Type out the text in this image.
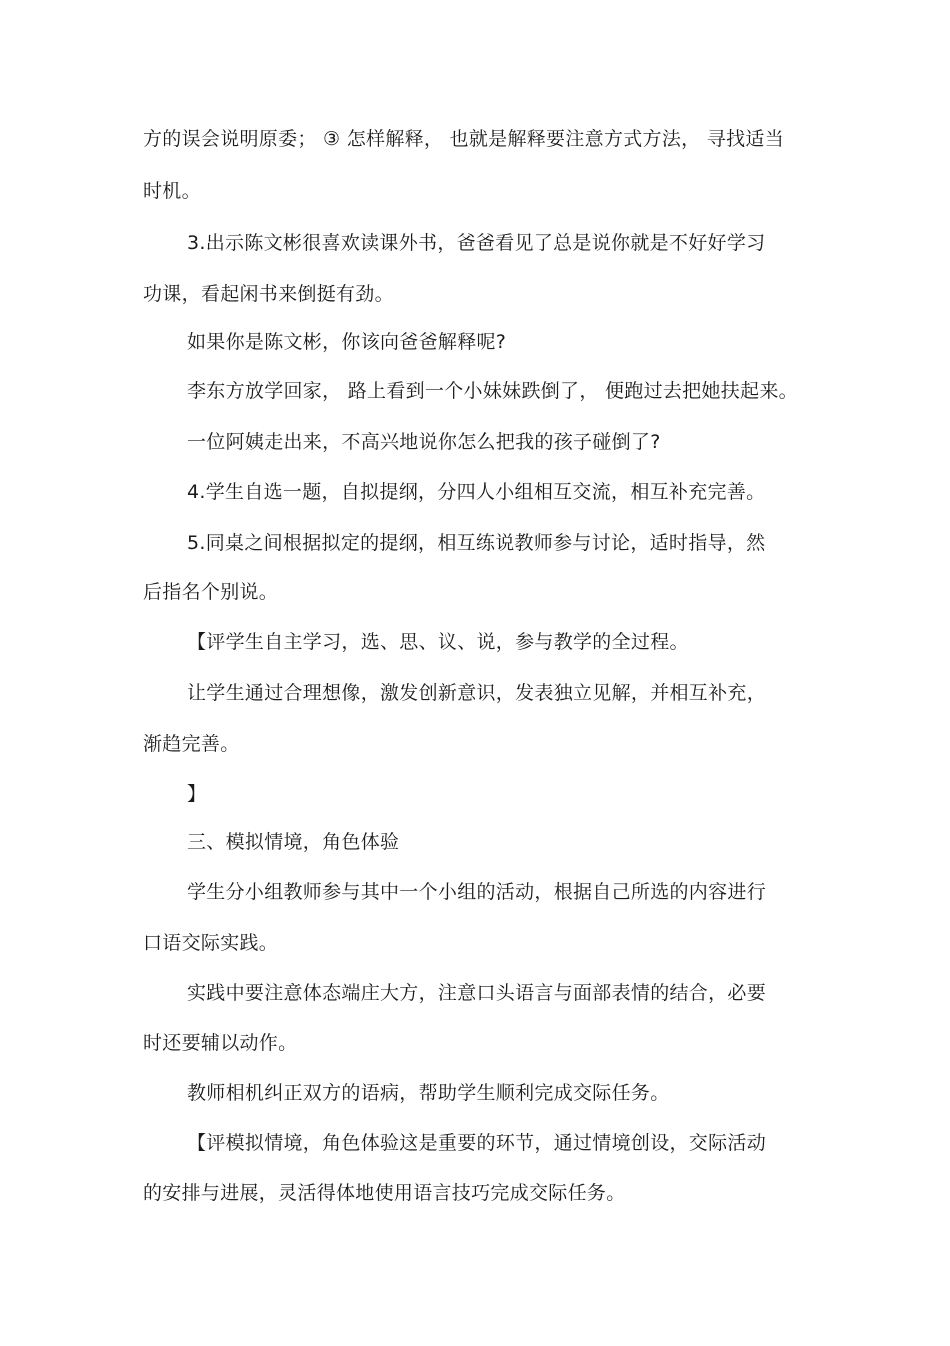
方的误会说明原委； ③ 怎样解释， 也就是解释要注意方式方法， 寻找适当
时机。
3.出示陈文彬很喜欢读课外书，爸爸看见了总是说你就是不好好学习
功课，看起闲书来倒挺有劲。
如果你是陈文彬，你该向爸爸解释呢?
李东方放学回家， 路上看到一个小妹妹跌倒了， 便跑过去把她扶起来。
一位阿姨走出来，不高兴地说你怎么把我的孩子碰倒了?
4.学生自选一题，自拟提纲，分四人小组相互交流，相互补充完善。
5.同桌之间根据拟定的提纲，相互练说教师参与讨论，适时指导，然
后指名个别说。
【评学生自主学习，选、思、议、说，参与教学的全过程。
让学生通过合理想像，激发创新意识，发表独立见解，并相互补充，
渐趋完善。
】
三、模拟情境，角色体验
学生分小组教师参与其中一个小组的活动，根据自己所选的内容进行
口语交际实践。
实践中要注意体态端庄大方，注意口头语言与面部表情的结合，必要
时还要辅以动作。
教师相机纠正双方的语病，帮助学生顺利完成交际任务。
【评模拟情境，角色体验这是重要的环节，通过情境创设，交际活动
的安排与进展，灵活得体地使用语言技巧完成交际任务。
